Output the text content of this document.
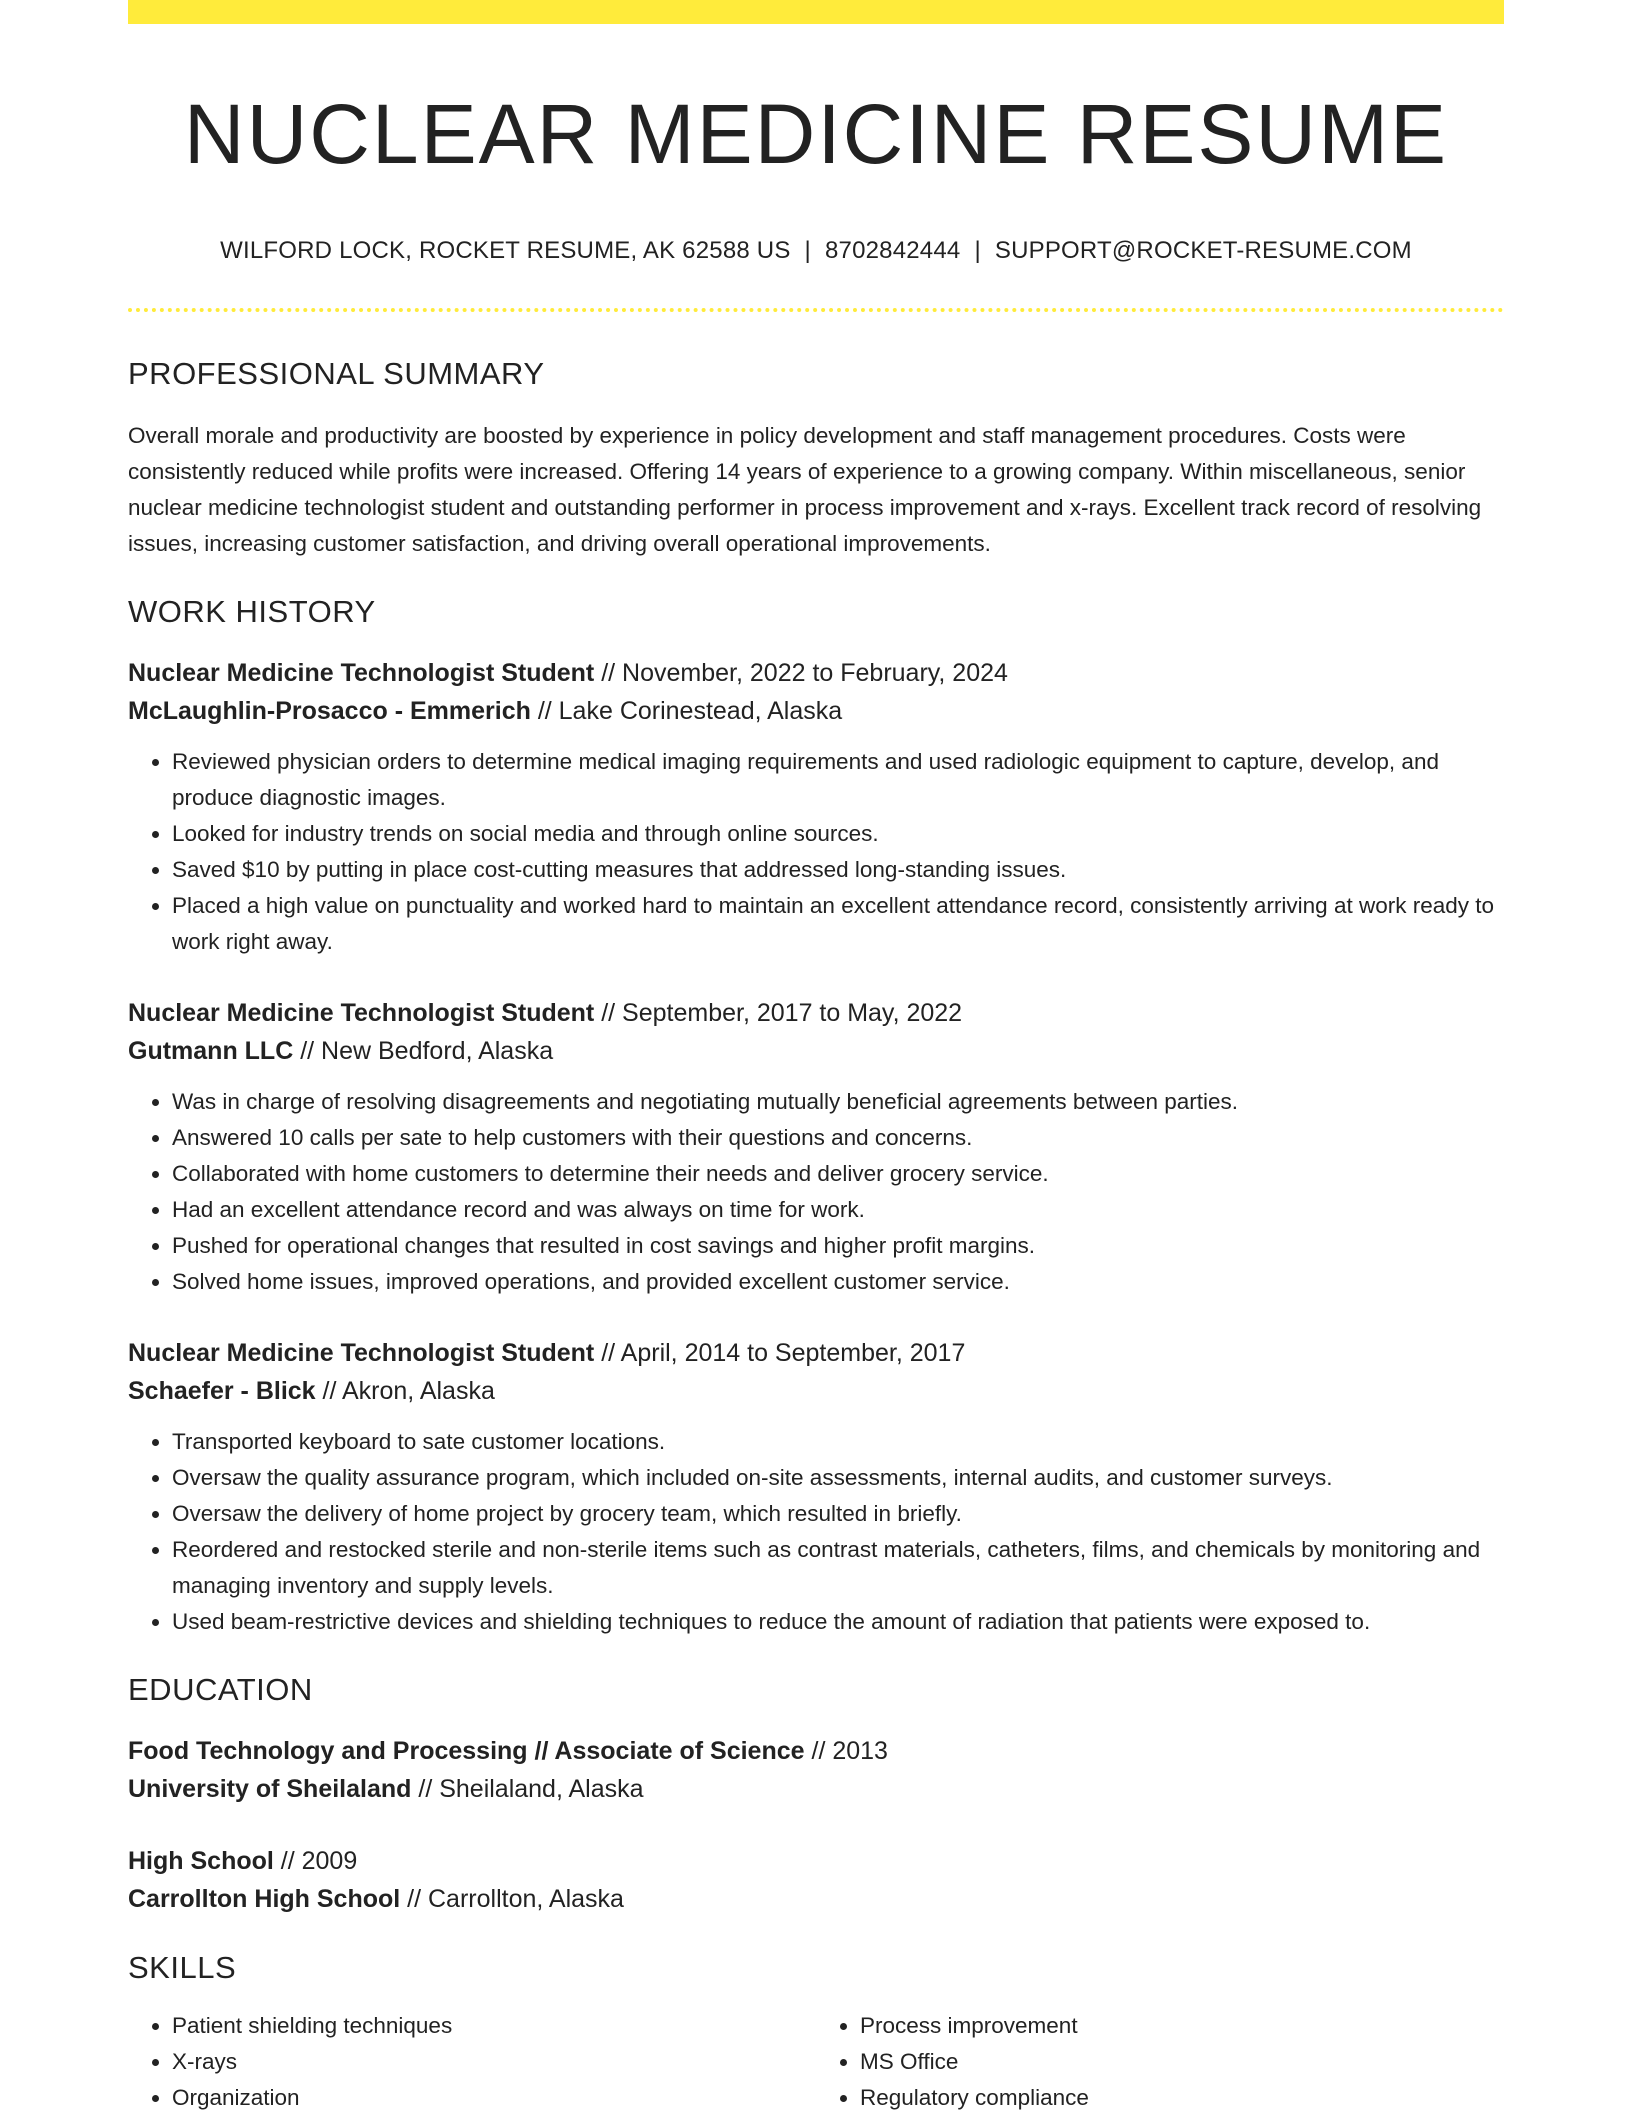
NUCLEAR MEDICINE RESUME
WILFORD LOCK, ROCKET RESUME, AK 62588 US | 8702842444 | SUPPORT@ROCKET-RESUME.COM
PROFESSIONAL SUMMARY
Overall morale and productivity are boosted by experience in policy development and staff management procedures. Costs were consistently reduced while profits were increased. Offering 14 years of experience to a growing company. Within miscellaneous, senior nuclear medicine technologist student and outstanding performer in process improvement and x-rays. Excellent track record of resolving issues, increasing customer satisfaction, and driving overall operational improvements.
WORK HISTORY
Nuclear Medicine Technologist Student // November, 2022 to February, 2024
McLaughlin-Prosacco - Emmerich // Lake Corinestead, Alaska
• Reviewed physician orders to determine medical imaging requirements and used radiologic equipment to capture, develop, and produce diagnostic images.
• Looked for industry trends on social media and through online sources.
• Saved $10 by putting in place cost-cutting measures that addressed long-standing issues.
• Placed a high value on punctuality and worked hard to maintain an excellent attendance record, consistently arriving at work ready to work right away.
Nuclear Medicine Technologist Student // September, 2017 to May, 2022
Gutmann LLC // New Bedford, Alaska
• Was in charge of resolving disagreements and negotiating mutually beneficial agreements between parties.
• Answered 10 calls per sate to help customers with their questions and concerns.
• Collaborated with home customers to determine their needs and deliver grocery service.
• Had an excellent attendance record and was always on time for work.
• Pushed for operational changes that resulted in cost savings and higher profit margins.
• Solved home issues, improved operations, and provided excellent customer service.
Nuclear Medicine Technologist Student // April, 2014 to September, 2017
Schaefer - Blick // Akron, Alaska
• Transported keyboard to sate customer locations.
• Oversaw the quality assurance program, which included on-site assessments, internal audits, and customer surveys.
• Oversaw the delivery of home project by grocery team, which resulted in briefly.
• Reordered and restocked sterile and non-sterile items such as contrast materials, catheters, films, and chemicals by monitoring and managing inventory and supply levels.
• Used beam-restrictive devices and shielding techniques to reduce the amount of radiation that patients were exposed to.
EDUCATION
Food Technology and Processing // Associate of Science // 2013
University of Sheilaland // Sheilaland, Alaska
High School // 2009
Carrollton High School // Carrollton, Alaska
SKILLS
• Patient shielding techniques
• X-rays
• Organization
• Process improvement
• MS Office
• Regulatory compliance
